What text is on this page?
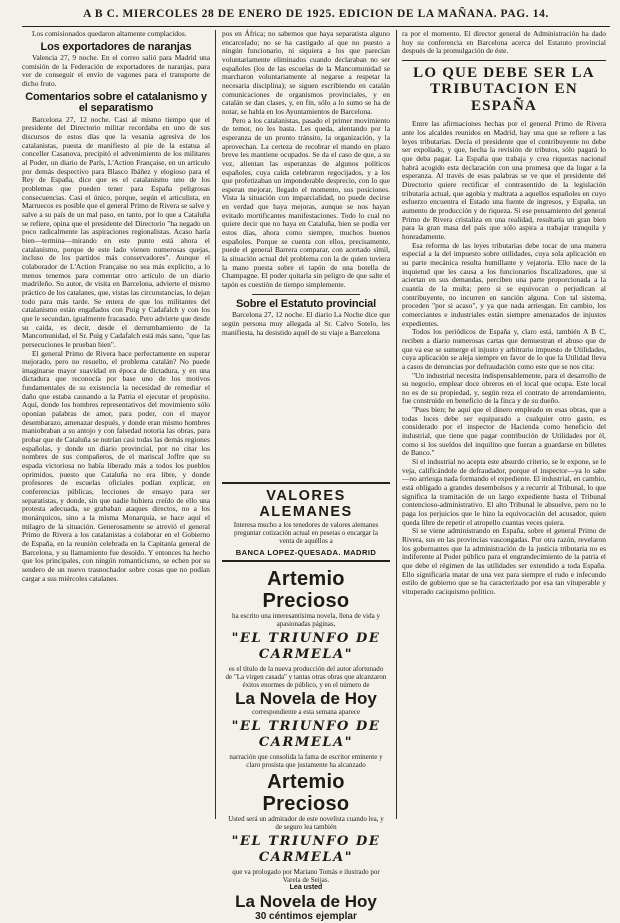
A B C. MIERCOLES 28 DE ENERO DE 1925. EDICION DE LA MAÑANA. PAG. 14.

Los comisionados quedaron altamente complacidos.

Los exportadores de naranjas

Valencia 27, 9 noche. En el correo salió para Madrid una comisión de la Federación de exportadores de naranjas, para ver de conseguir el envío de vagones para el transporte de dicho fruto.

Comentarios sobre el catalanismo y el separatismo

Barcelona 27, 12 noche. Casi al mismo tiempo que el presidente del Directorio militar recordaba en uno de sus discursos de estos días que la vesania agresiva de los catalanistas, puesta de manifiesto al pie de la estatua al conceller Casanova, precipitó el advenimiento de los militares al Poder, un diario de París, L'Action Française, en un artículo por demás despectivo para Blasco Ibáñez y elogioso para el Rey de España, dice que es el catalanismo uno de los problemas que pueden tener para España peligrosas consecuencias. Casi el único, porque, según el articulista, en Marruecos es posible que el general Primo de Rivera se salve y salve a su país de un mal paso, en tanto, por lo que a Cataluña se refiere, opina que el presidente del Directorio "ha negado un poco radicalmente las aspiraciones regionalistas. Acaso haría bien—termina—mirando en este punto está ahora el catalanismo, porque de este lado vienen numerosas quejas, incluso de los partidos más conservadores". Aunque el colaborador de L'Action Française no sea más explícito, a lo menos tenemos para comentar otro artículo de un diario madrileño. Su autor, de visita en Barcelona, advierte el mismo práctico de los catalanes, que, vistas las circunstancias, lo dejan todo para más tarde. Se entera de que los militantes del catalanismo están engañados con Puig y Cadafalch y con los que le secundan, igualmente fracasado. Pero advierte que desde su caída, es decir, desde el derrumbamiento de la Mancomunidad, el Sr. Puig y Cadafalch está más sano, "que las persecuciones le prueban bien".

El general Primo de Rivera hace perfectamente en superar mejorado, pero no resuelto, el problema catalán? No puede imaginarse mayor suavidad en época de dictadura, y en una dictadura que reconocía por base uno de los motivos fundamentales de su existencia la necesidad de remediar el daño que estaba causando a la Patria el ejecutar el propósito. Aquí, donde los hombres representativos del movimiento sólo oponían palabras de amor, para poder, con el mayor desembarazo, amenazar después, y donde eran mismo hombres maniobraban a su antojo y con falsedad notoria las obras, para probar que de Cataluña se nutrían casi todas las demás regiones españolas, y donde un diario provincial, por no citar los nombres de sus compañeros, de el mariscal Joffre que su espada victoriosa no había liberado más a todos los pueblos oprimidos, puesto que Cataluña no era libre, y donde profesores de escuelas oficiales podían explicar, en conferencias públicas, lecciones de ensayo para ser separatistas, y donde, sin que nadie hubiera creído de ello una protesta adecuada, se grababan ataques directos, no a los monárquicos, sino a la misma Monarquía, se hace aquí el milagro de la situación. Generosamente se atrevió el general Primo de Rivera a los catalanistas a colaborar en el Gobierno de España, en la reunión celebrada en la Capitanía general de Barcelona, y su llamamiento fue desoído. Y entonces ha hecho que los principales, con ningún romanticismo, se echen por su sendero de un nuevo trasnochador sobre cosas que no podían cargar a sus miércoles catalanes.

pos en África; no sabemos que haya separatista alguno encarcelado; no se ha castigado al que no puesto a ningún funcionario, ni siquiera a los que parecían voluntariamente eliminados cuando declaraban no ser españoles (los de las escuelas de la Mancomunidad se marcharon voluntariamente al negarse a respetar la necesaria disciplina); se siguen escribiendo en catalán comunicaciones de organismos provinciales, y en catalán se dan clases, y, en fin, sólo a lo sumo se ha de notar, se habla en los Ayuntamientos de Barcelona.

Pero a los catalanistas, pasado el primer movimiento de temor, no les basta. Les queda, alentando por la esperanza de un pronto tránsito, la organización, y la aprovechan. La certeza de recobrar el mando en plazo breve les mantiene ocupados. Se da el caso de que, a su vez, alientan las esperanzas de algunos políticos españoles, cuya caída celebraron regocijados, y a los que profetizaban un imponderable desprecio, con lo que esperan mejorar, llegado el momento, sus posiciones. Vista la situación con imparcialidad, no puede decirse en verdad que haya mejoras, aunque se nos hayan evitado mortificantes manifestaciones. Todo lo cual no quiere decir que no haya en Cataluña, bien se podía ver estos días, ahora como siempre, muchos buenos españoles. Porque se cuenta con ellos, precisamente, puede el general Barrera comparar, con acertado símil, la situación actual del problema con la de quien tuviera la mano puesta sobre el tapón de una botella de Champagne. El poder quitarla sin peligro de que salte el tapón es cuestión de tiempo simplemente.

Sobre el Estatuto provincial

Barcelona 27, 12 noche. El diario La Noche dice que según persona muy allegada al Sr. Calvo Sotelo, les manifiesta, ha desistido aquél de su viaje a Barcelona

VALORES ALEMANES
Interesa mucho a los tenedores de valores alemanes preguntar cotización actual en pesetas o encargar la venta de aquéllos a
BANCA LOPEZ-QUESADA. MADRID
Artemio Precioso
ha escrito una interesantísima novela, llena de vida y apasionadas páginas,
"EL TRIUNFO DE CARMELA"
es el título de la nueva producción del autor afortunado de "La virgen casada" y tantas otras obras que alcanzaron éxitos enormes de público, y en el número de
La Novela de Hoy
correspondiente a esta semana aparece
"EL TRIUNFO DE CARMELA"
narración que consolida la fama de escritor eminente y claro prosista que justamente ha alcanzado
Artemio Precioso
Usted será un admirador de este novelista cuando lea, y de seguro lea también
"EL TRIUNFO DE CARMELA"
que va prologado por Mariano Tomás e ilustrado por Varela de Seijas.
Lea usted
La Novela de Hoy
30 céntimos ejemplar

ra por el momento. El director general de Administración ha dado hoy su conferencia en Barcelona acerca del Estatuto provincial después de la promulgación de éste.

LO QUE DEBE SER LA TRIBUTACION EN ESPAÑA

Entre las afirmaciones hechas por el general Primo de Rivera ante los alcaldes reunidos en Madrid, hay una que se refiere a las leyes tributarias. Decía el presidente que el contribuyente no debe ser expoliado, y que, hecha la revisión de tributos, sólo pagará lo que deba pagar. La España que trabaja y crea riquezas nacional habrá acogido esta declaración con una promesa que da lugar a la esperanza. Al través de esas palabras se ve que el presidente del Directorio quiere rectificar el contrasentido de la legislación tributaria actual, que agobia y maltrata a aquellos españoles en cuyo esfuerzo encuentra el Estado una fuente de ingresos, y España, un aumento de producción y de riqueza. Si ese pensamiento del general Primo de Rivera cristaliza en una realidad, resultaría un gran bien para la gran masa del país que sólo aspira a trabajar tranquila y honradamente.

Esa reforma de las leyes tributarias debe tocar de una manera especial a la del impuesto sobre utilidades, cuya sola aplicación en su parte mecánica resulta humillante y vejatoria. Ello nace de la inquietud que les causa a los funcionarios fiscalizadores, que si aciertan en sus demandas, perciben una parte proporcionada a la cuantía de la multa; pero si se equivocan o perjudican al contribuyente, no incurren en sanción alguna. Con tal sistema, proceden "por si acaso", y ya que nada arriesgan. En cambio, los comerciantes e industriales están siempre amenazados de injustos expedientes.

Todos los periódicos de España y, claro está, también A B C, reciben a diario numerosas cartas que demuestran el abuso que de que va ese se sumerge el injusto y arbitrario impuesto de Utilidades, cuya aplicación se aleja siempre en favor de lo que la Utilidad lleva a casos de denuncias por defraudación como este que se nos cita:

"Un industrial necesita indispensablemente, para el desarrollo de su negocio, emplear doce obreros en el local que ocupa. Este local no es de su propiedad, y, según reza el contrato de arrendamiento, fue construido en beneficio de la finca y de su dueño.

"Pues bien; he aquí que el dinero empleado en esas obras, que a todas luces debe ser equiparado a cualquier otro gasto, es considerado por el inspector de Hacienda como beneficio del industrial, que tiene que pagar contribución de Utilidades por él, como si los sueldos del inquilino que fueran a guardarse en billetes de Banco."

Si el industrial no acepta este absurdo criterio, se le expone, se le veja, calificándole de defraudador, porque el inspector—ya lo sabe—no arriesga nada formando el expediente. El industrial, en cambio, está obligado a grandes desembolsos y a recurrir al Tribunal, lo que significa la tramitación de un largo expediente hasta el Tribunal contencioso-administrativo. El alto Tribunal le absuelve, pero no le paga los perjuicios que le hizo la equivocación del acusador, quien queda libre de repetir el atropello cuantas veces quiera.

Si se viene administrando en España, sobre el general Primo de Rivera, sus en las provincias vascongadas. Por otra razón, revelaron los gobernantes que la administración de la justicia tributaria no es indiferente al Poder público para el engrandecimiento de la patria el que debe el régimen de las utilidades ser extendido a toda España. Ello significaría matar de una vez para siempre el rudo e infecundo estilo de gobierno que se ha caracterizado por esa tan vituperable y vituperado caciquismo político.
